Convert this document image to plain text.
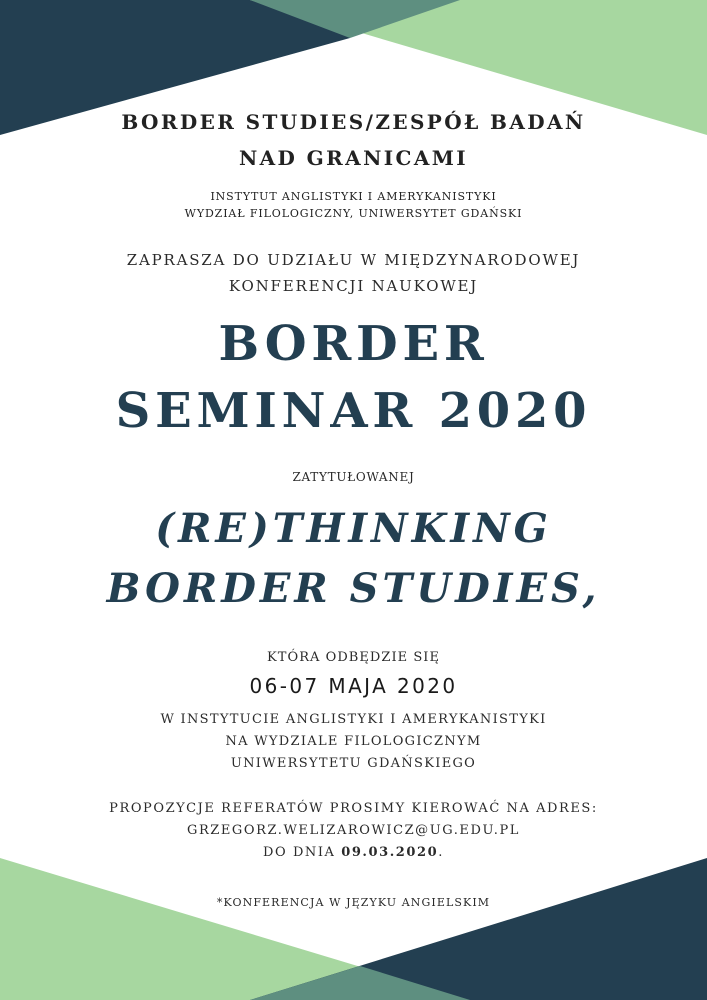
BORDER STUDIES/ZESPÓŁ BADAŃ
NAD GRANICAMI
INSTYTUT ANGLISTYKI I AMERYKANISTYKI
WYDZIAŁ FILOLOGICZNY, UNIWERSYTET GDAŃSKI
ZAPRASZA DO UDZIAŁU W MIĘDZYNARODOWEJ
KONFERENCJI NAUKOWEJ
BORDER
SEMINAR 2020
ZATYTUŁOWANEJ
(RE)THINKING
BORDER STUDIES,
KTÓRA ODBĘDZIE SIĘ
06-07 MAJA 2020
W INSTYTUCIE ANGLISTYKI I AMERYKANISTYKI
NA WYDZIALE FILOLOGICZNYM
UNIWERSYTETU GDAŃSKIEGO
PROPOZYCJE REFERATÓW PROSIMY KIEROWAĆ NA ADRES:
GRZEGORZ.WELIZAROWICZ@UG.EDU.PL
DO DNIA 09.03.2020.
*KONFERENCJA W JĘZYKU ANGIELSKIM
